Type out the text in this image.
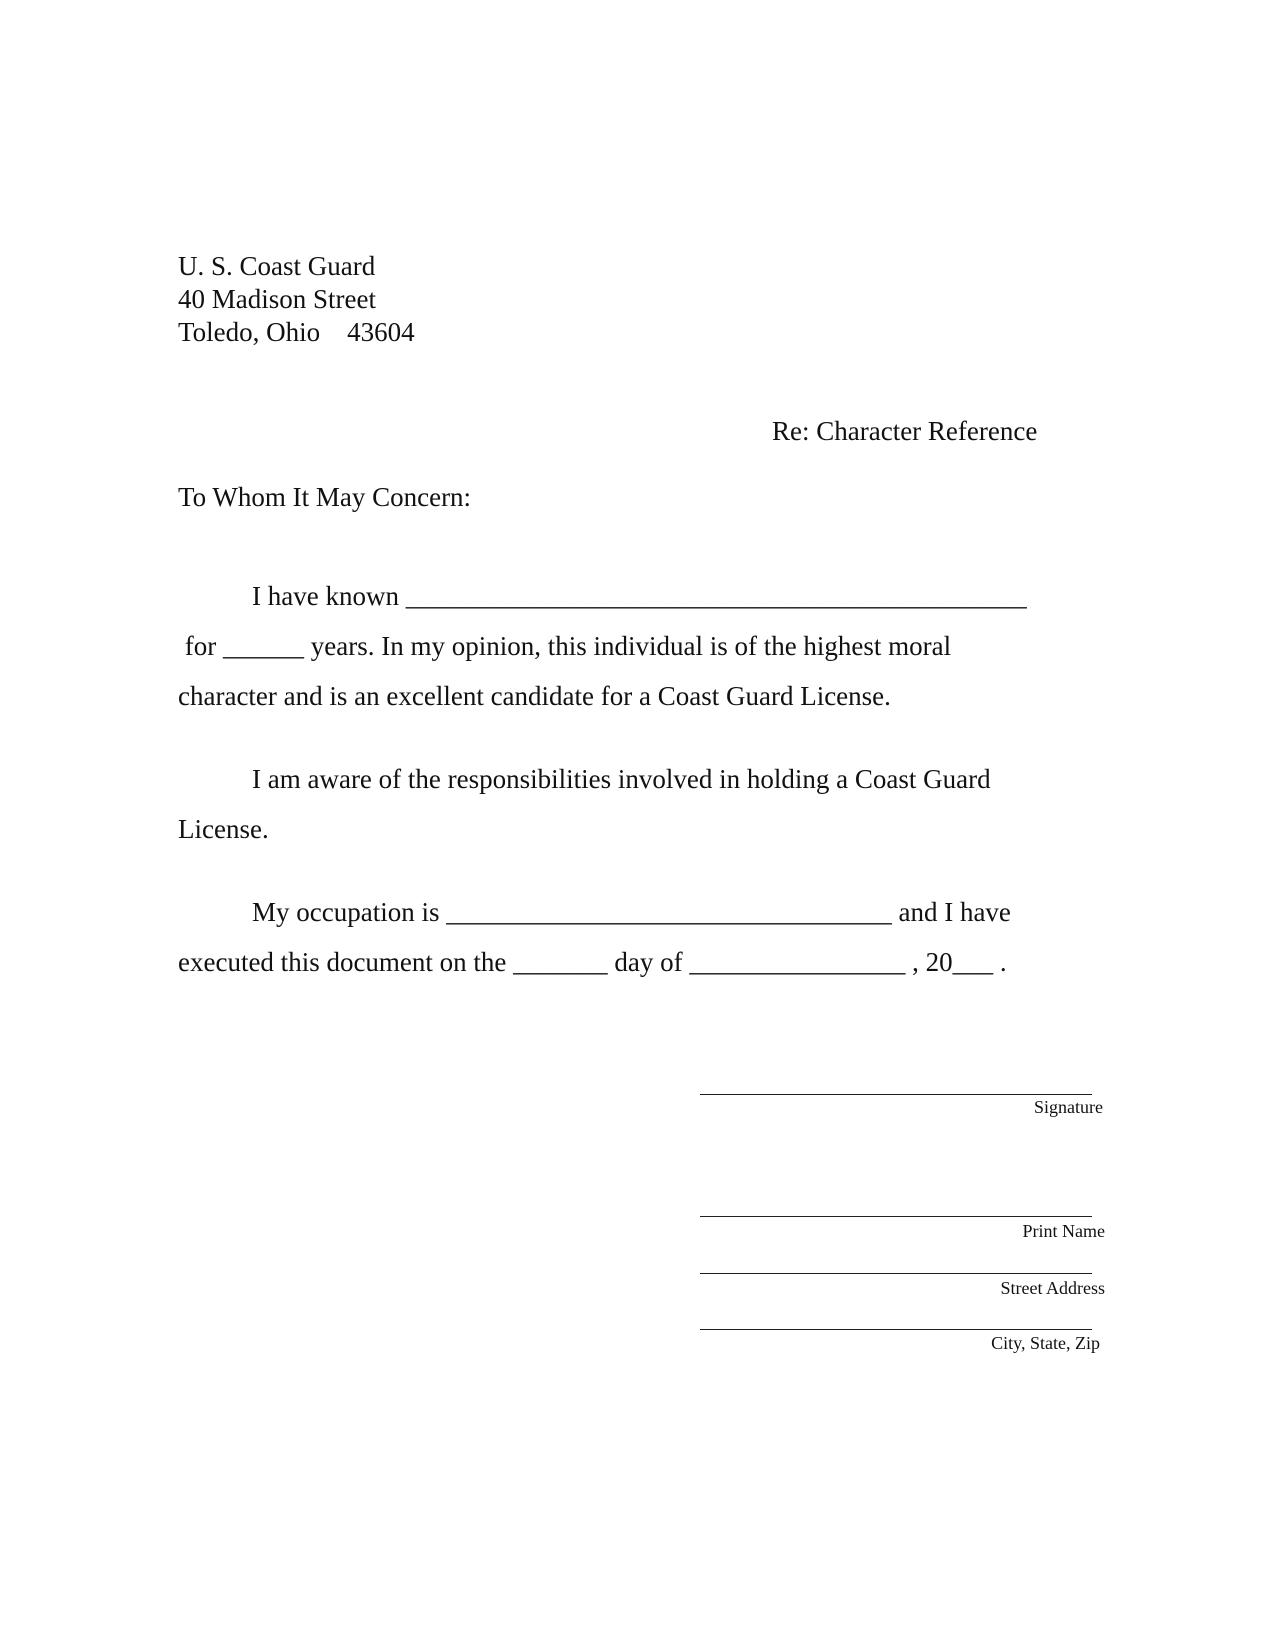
U. S. Coast Guard

40 Madison Street

Toledo, Ohio    43604

Re: Character Reference

To Whom It May Concern:

I have known ______________________________________________

for ______ years. In my opinion, this individual is of the highest moral

character and is an excellent candidate for a Coast Guard License.

I am aware of the responsibilities involved in holding a Coast Guard

License.

My occupation is _________________________________ and I have

executed this document on the _______ day of ________________ , 20___ .

Signature

Print Name

Street Address

City, State, Zip
